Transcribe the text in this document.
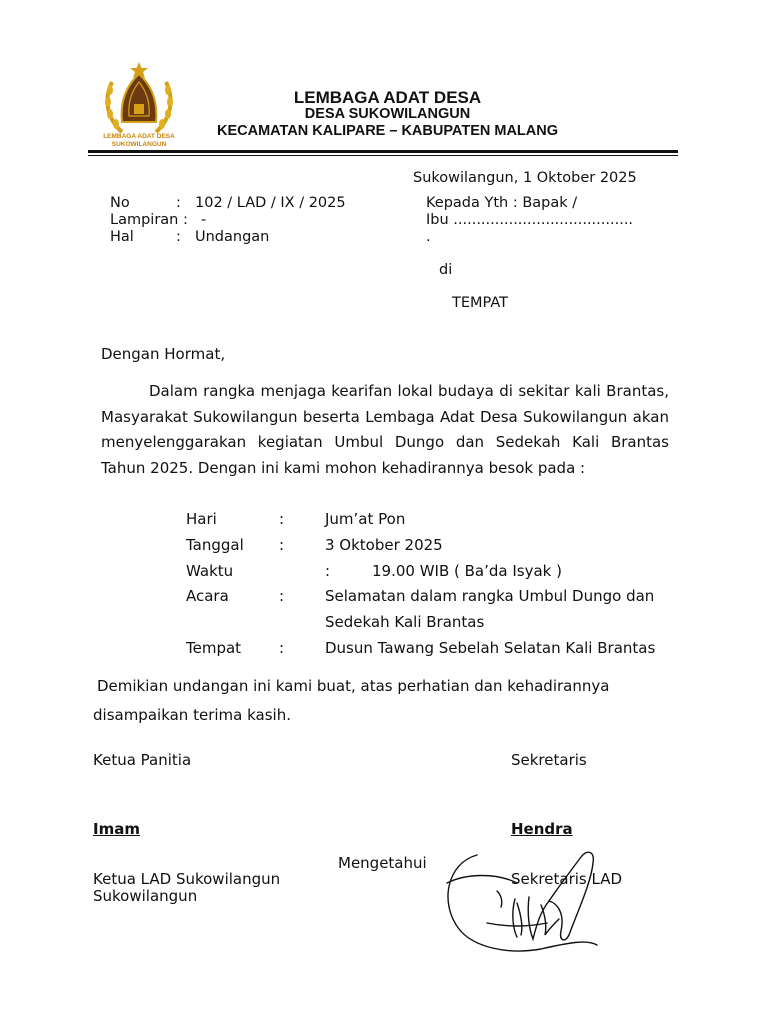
LEMBAGA ADAT DESA
SUKOWILANGUN
LEMBAGA ADAT DESA
DESA SUKOWILANGUN
KECAMATAN KALIPARE – KABUPATEN MALANG
Sukowilangun, 1 Oktober 2025
No	: 102 / LAD / IX / 2025
Lampiran : -
Hal	: Undangan
Kepada Yth : Bapak /
Ibu .......................................
.
di
TEMPAT
Dengan Hormat,
Dalam rangka menjaga kearifan lokal budaya di sekitar kali Brantas, Masyarakat Sukowilangun beserta Lembaga Adat Desa Sukowilangun akan menyelenggarakan kegiatan Umbul Dungo dan Sedekah Kali Brantas Tahun 2025. Dengan ini kami mohon kehadirannya besok pada :
Hari	:	Jum’at Pon
Tanggal :	3 Oktober 2025
Waktu	:	19.00 WIB ( Ba’da Isyak )
Acara	:	Selamatan dalam rangka Umbul Dungo dan
Sedekah Kali Brantas
Tempat	:	Dusun Tawang Sebelah Selatan Kali Brantas
Demikian undangan ini kami buat, atas perhatian dan kehadirannya
disampaikan terima kasih.
Ketua Panitia	Sekretaris
Imam	Hendra
Mengetahui
Ketua LAD Sukowilangun
Sukowilangun
Sekretaris LAD
